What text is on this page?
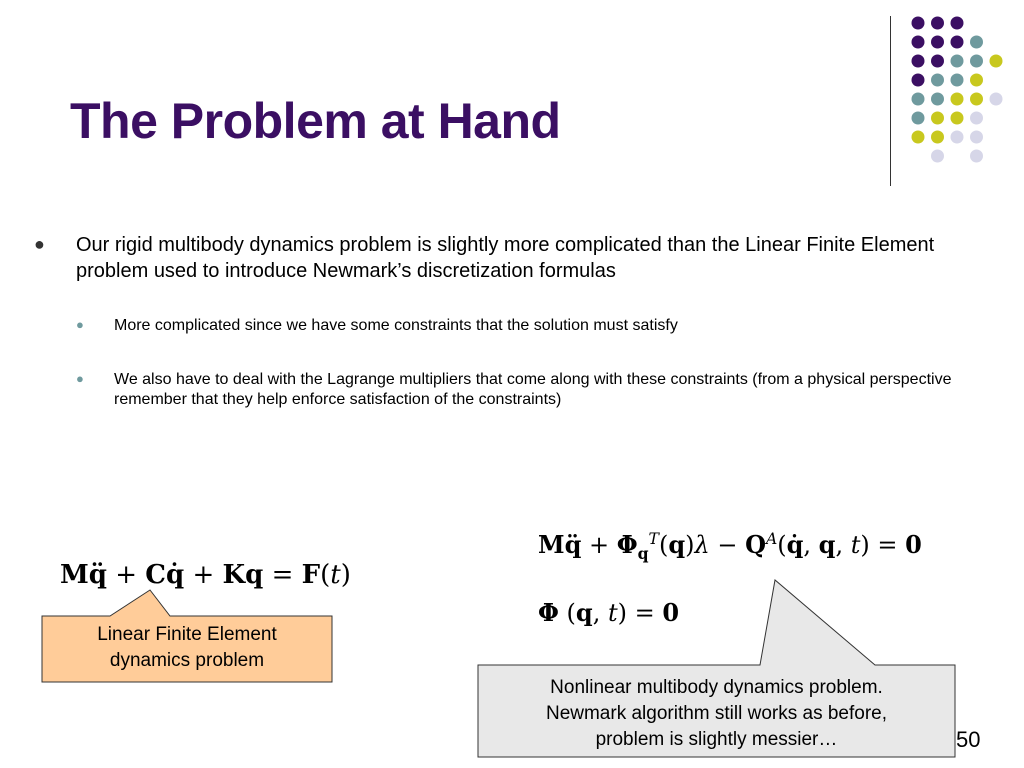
The Problem at Hand
● Our rigid multibody dynamics problem is slightly more complicated than the Linear Finite Element problem used to introduce Newmark’s discretization formulas
● More complicated since we have some constraints that the solution must satisfy
● We also have to deal with the Lagrange multipliers that come along with these constraints (from a physical perspective remember that they help enforce satisfaction of the constraints)
Mq̈ + Cq̇ + Kq = F(t)
Mq̈ + $\Phi_q^T(q)\lambda$ − $Q^A(q̇$, q, t) = 0
Φ (q, t) = 0
Linear Finite Element
dynamics problem
Nonlinear multibody dynamics problem.
Newmark algorithm still works as before,
problem is slightly messier…	50
